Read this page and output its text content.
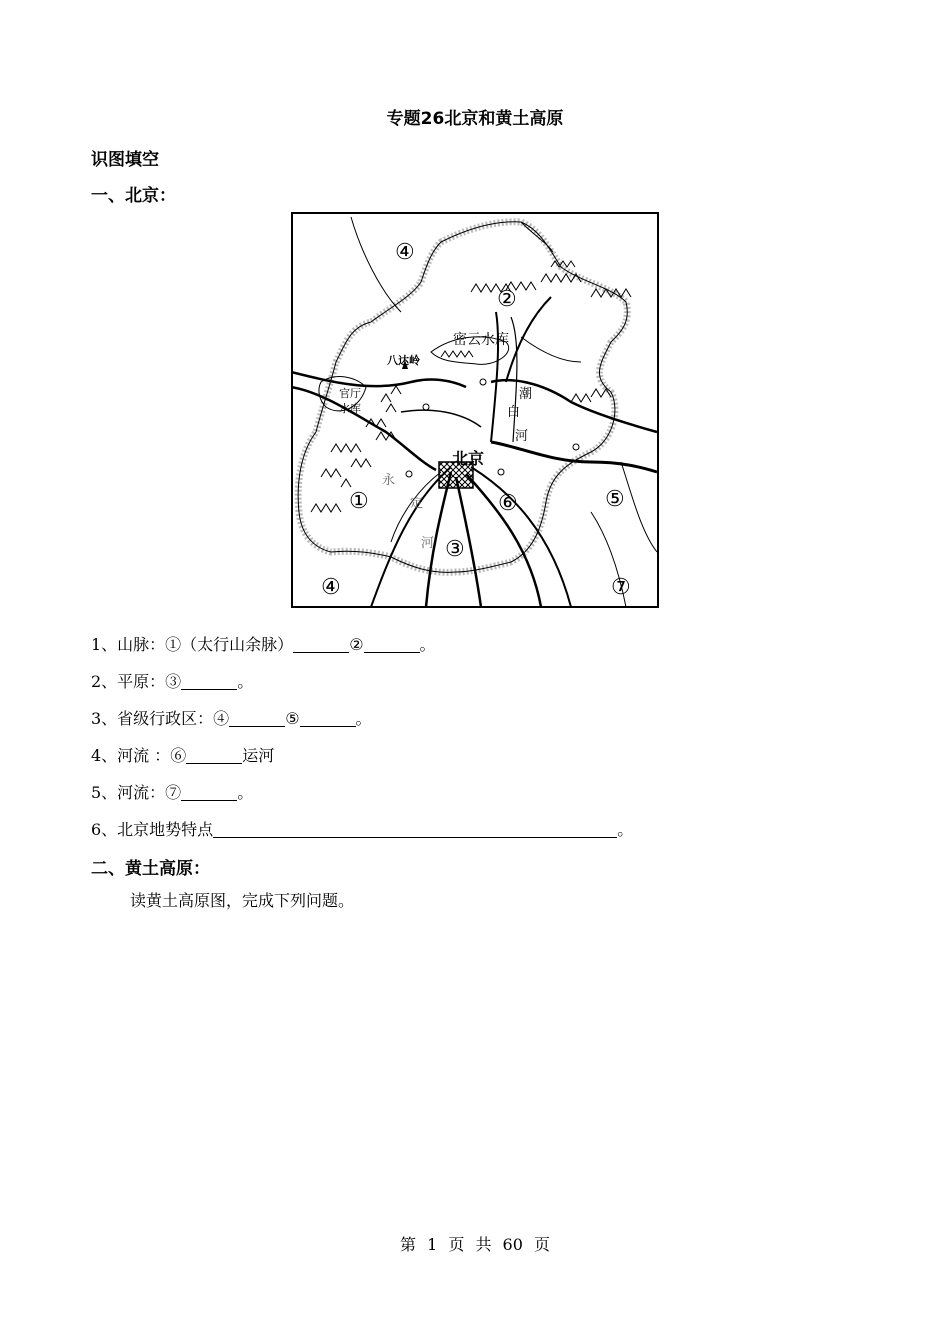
专题26北京和黄土高原
识图填空
一、北京：
密云水库
八达岭
官厅
水库
北京
潮
白
河
永
定
河
④
②
①	⑥	⑤
③
④	⑦
1、山脉：①（太行山余脉）	②	。
2、平原：③	。
3、省级行政区：④	⑤	。
4、河流 ：⑥	运河
5、河流：⑦	。
6、北京地势特点	。
二、黄土高原：
读黄土高原图，完成下列问题。
第 1 页 共 60 页
